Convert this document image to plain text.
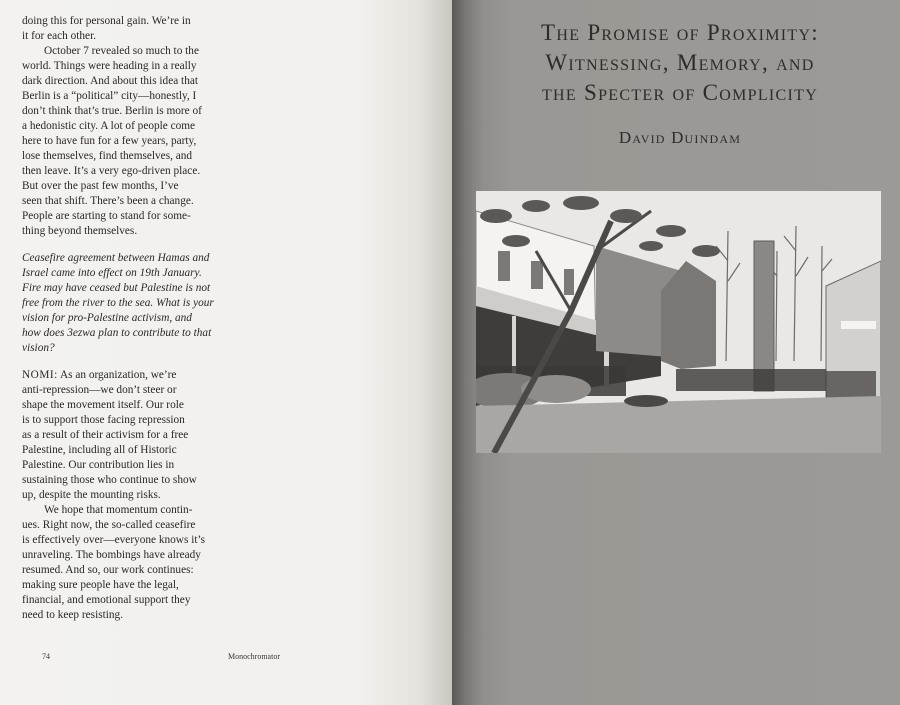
doing this for personal gain. We’re in
it for each other.

October 7 revealed so much to the
world. Things were heading in a really
dark direction. And about this idea that
Berlin is a “political” city—honestly, I
don’t think that’s true. Berlin is more of
a hedonistic city. A lot of people come
here to have fun for a few years, party,
lose themselves, find themselves, and
then leave. It’s a very ego-driven place.
But over the past few months, I’ve
seen that shift. There’s been a change.
People are starting to stand for some-
thing beyond themselves.

Ceasefire agreement between Hamas and
Israel came into effect on 19th January.
Fire may have ceased but Palestine is not
free from the river to the sea. What is your
vision for pro-Palestine activism, and
how does 3ezwa plan to contribute to that
vision?

NOMI: As an organization, we’re
anti-repression—we don’t steer or
shape the movement itself. Our role
is to support those facing repression
as a result of their activism for a free
Palestine, including all of Historic
Palestine. Our contribution lies in
sustaining those who continue to show
up, despite the mounting risks.

We hope that momentum contin-
ues. Right now, the so-called ceasefire
is effectively over—everyone knows it’s
unraveling. The bombings have already
resumed. And so, our work continues:
making sure people have the legal,
financial, and emotional support they
need to keep resisting.

74	Monochromator
The Promise of Proximity:
Witnessing, Memory, and
the Specter of Complicity
David Duindam
